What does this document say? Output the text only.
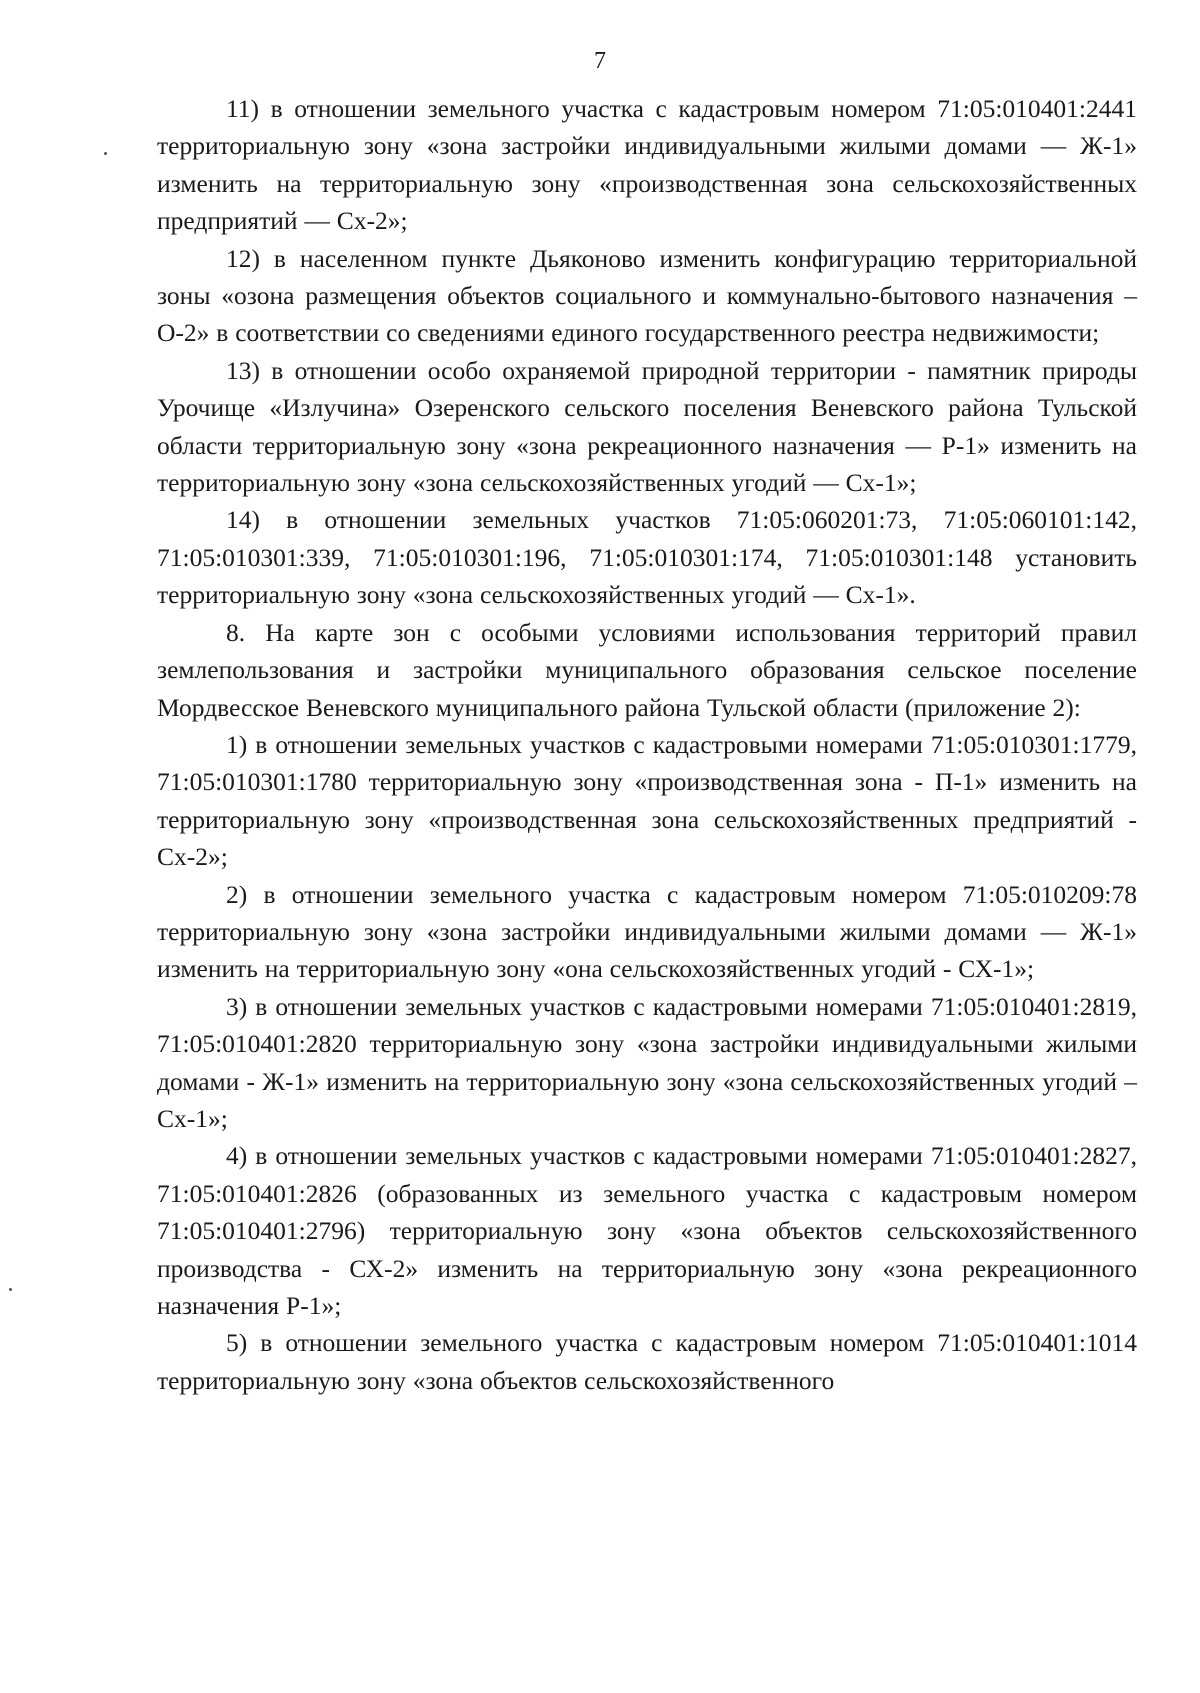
7

11) в отношении земельного участка с кадастровым номером 71:05:010401:2441 территориальную зону «зона застройки индивидуальными жилыми домами — Ж-1» изменить на территориальную зону «производственная зона сельскохозяйственных предприятий — Сх-2»;

12) в населенном пункте Дьяконово изменить конфигурацию территориальной зоны «озона размещения объектов социального и коммунально-бытового назначения – О-2» в соответствии со сведениями единого государственного реестра недвижимости;

13) в отношении особо охраняемой природной территории - памятник природы Урочище «Излучина» Озеренского сельского поселения Веневского района Тульской области территориальную зону «зона рекреационного назначения — Р-1» изменить на территориальную зону «зона сельскохозяйственных угодий — Сх-1»;

14) в отношении земельных участков 71:05:060201:73, 71:05:060101:142, 71:05:010301:339, 71:05:010301:196, 71:05:010301:174, 71:05:010301:148 установить территориальную зону «зона сельскохозяйственных угодий — Сх-1».

8. На карте зон с особыми условиями использования территорий правил землепользования и застройки муниципального образования сельское поселение Мордвесское Веневского муниципального района Тульской области (приложение 2):

1) в отношении земельных участков с кадастровыми номерами 71:05:010301:1779, 71:05:010301:1780 территориальную зону «производственная зона - П-1» изменить на территориальную зону «производственная зона сельскохозяйственных предприятий - Сх-2»;

2) в отношении земельного участка с кадастровым номером 71:05:010209:78 территориальную зону «зона застройки индивидуальными жилыми домами — Ж-1» изменить на территориальную зону «она сельскохозяйственных угодий - СХ-1»;

3) в отношении земельных участков с кадастровыми номерами 71:05:010401:2819, 71:05:010401:2820 территориальную зону «зона застройки индивидуальными жилыми домами - Ж-1» изменить на территориальную зону «зона сельскохозяйственных угодий – Сх-1»;

4) в отношении земельных участков с кадастровыми номерами 71:05:010401:2827, 71:05:010401:2826 (образованных из земельного участка с кадастровым номером 71:05:010401:2796) территориальную зону «зона объектов сельскохозяйственного производства - СХ-2» изменить на территориальную зону «зона рекреационного назначения Р-1»;

5) в отношении земельного участка с кадастровым номером 71:05:010401:1014 территориальную зону «зона объектов сельскохозяйственного
